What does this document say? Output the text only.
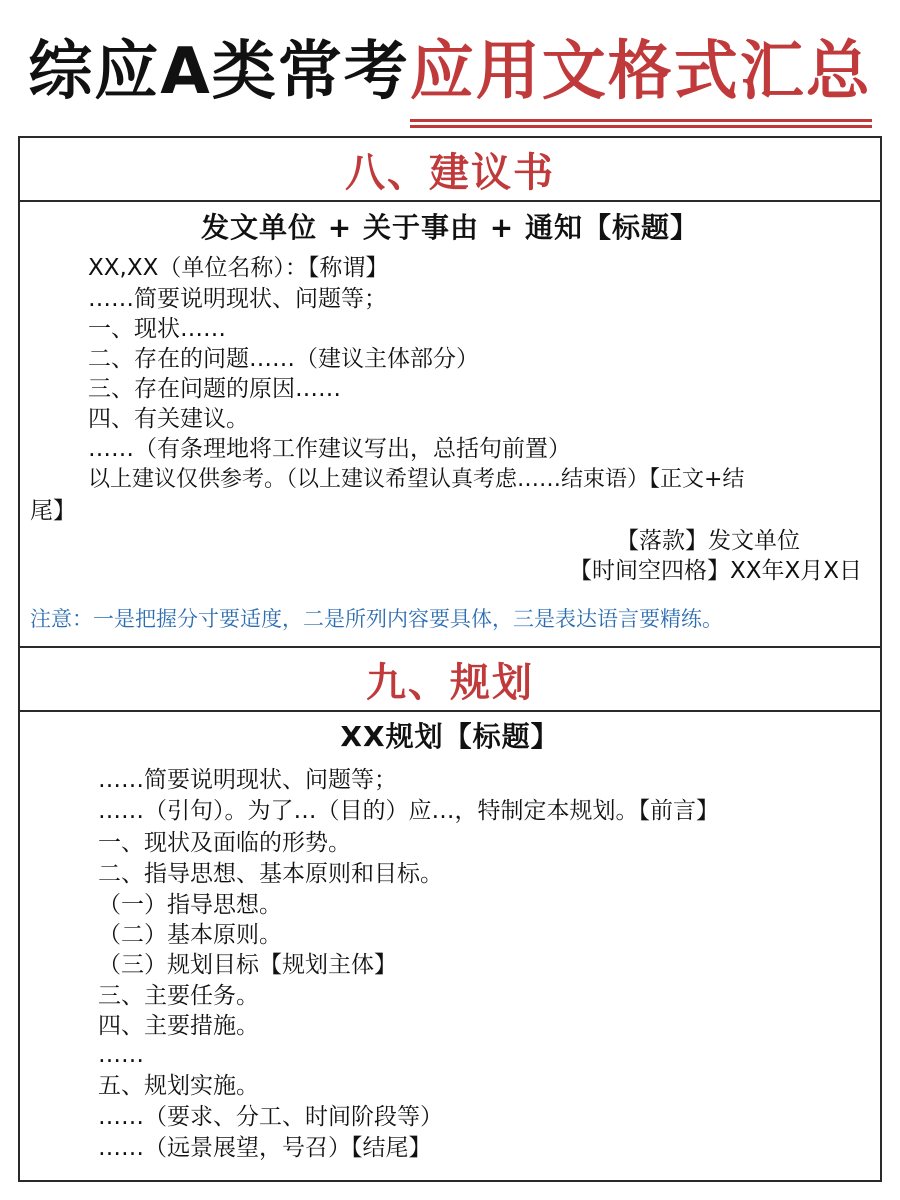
综应A类常考应用文格式汇总
八、建议书
发文单位 + 关于事由 + 通知【标题】
XX,XX（单位名称）：【称谓】
……简要说明现状、问题等；
一、现状……
二、存在的问题……（建议主体部分）
三、存在问题的原因……
四、有关建议。
……（有条理地将工作建议写出，总括句前置）
以上建议仅供参考。（以上建议希望认真考虑……结束语）【正文+结
尾】
【落款】发文单位
【时间空四格】XX年X月X日
注意：一是把握分寸要适度，二是所列内容要具体，三是表达语言要精练。
九、规划
XX规划【标题】
……简要说明现状、问题等；
……（引句）。为了…（目的）应…，特制定本规划。【前言】
一、现状及面临的形势。
二、指导思想、基本原则和目标。
（一）指导思想。
（二）基本原则。
（三）规划目标【规划主体】
三、主要任务。
四、主要措施。
……
五、规划实施。
……（要求、分工、时间阶段等）
……（远景展望，号召）【结尾】
